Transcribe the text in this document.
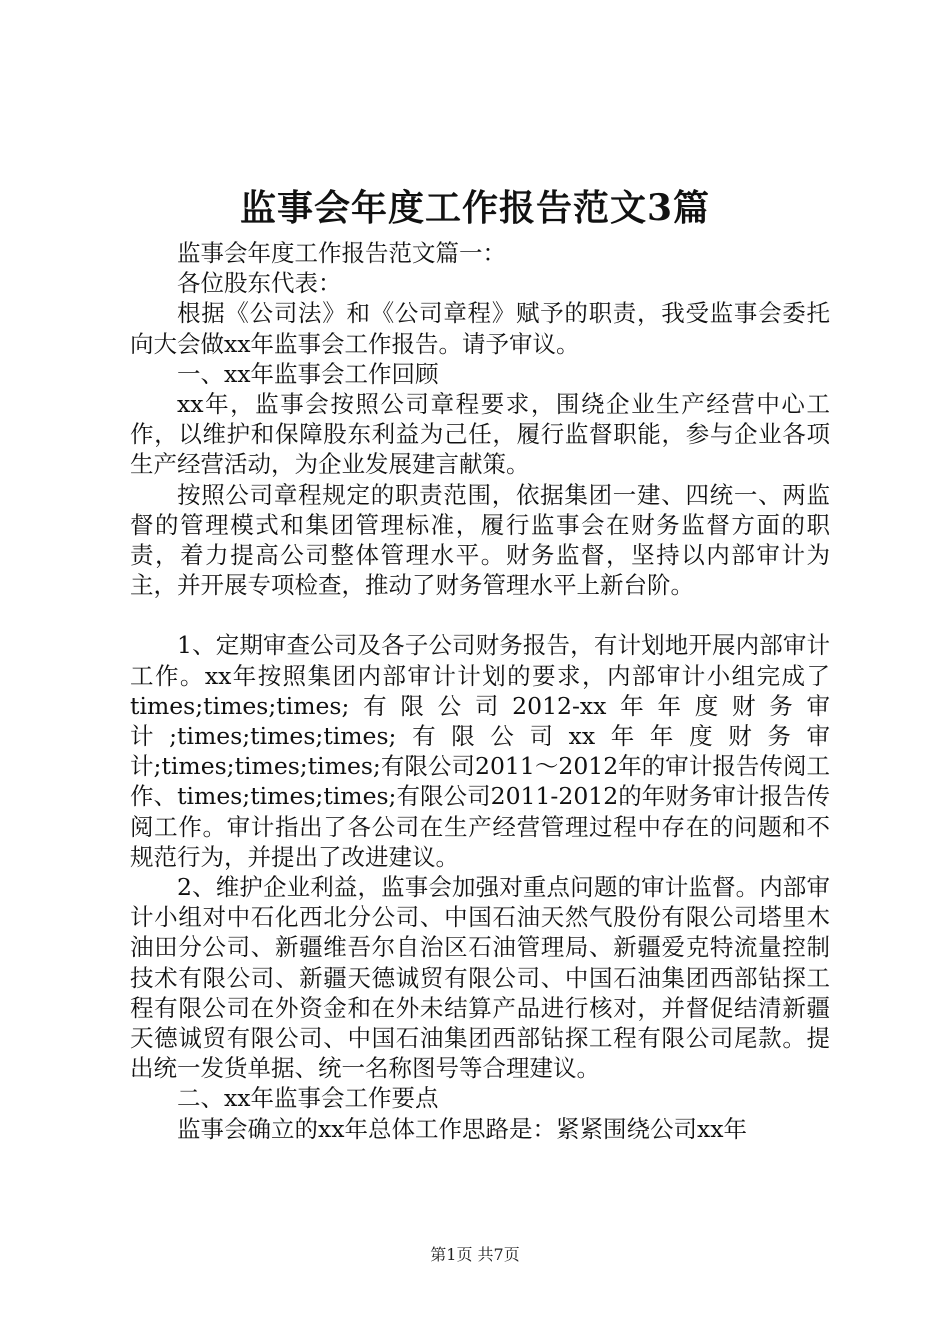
监事会年度工作报告范文3篇

监事会年度工作报告范文篇一：

各位股东代表：

根据《公司法》和《公司章程》赋予的职责，我受监事会委托向大会做xx年监事会工作报告。请予审议。

一、xx年监事会工作回顾

xx年，监事会按照公司章程要求，围绕企业生产经营中心工作，以维护和保障股东利益为己任，履行监督职能，参与企业各项生产经营活动，为企业发展建言献策。

按照公司章程规定的职责范围，依据集团一建、四统一、两监督的管理模式和集团管理标准，履行监事会在财务监督方面的职责，着力提高公司整体管理水平。财务监督，坚持以内部审计为主，并开展专项检查，推动了财务管理水平上新台阶。

1、定期审查公司及各子公司财务报告，有计划地开展内部审计工作。xx年按照集团内部审计计划的要求，内部审计小组完成了times;times;times;有限公司2012-xx年年度财务审计;times;times;times;有限公司xx年年度财务审计;times;times;times;有限公司2011～2012年的审计报告传阅工作、times;times;times;有限公司2011-2012的年财务审计报告传阅工作。审计指出了各公司在生产经营管理过程中存在的问题和不规范行为，并提出了改进建议。

2、维护企业利益，监事会加强对重点问题的审计监督。内部审计小组对中石化西北分公司、中国石油天然气股份有限公司塔里木油田分公司、新疆维吾尔自治区石油管理局、新疆爱克特流量控制技术有限公司、新疆天德诚贸有限公司、中国石油集团西部钻探工程有限公司在外资金和在外未结算产品进行核对，并督促结清新疆天德诚贸有限公司、中国石油集团西部钻探工程有限公司尾款。提出统一发货单据、统一名称图号等合理建议。

二、xx年监事会工作要点

监事会确立的xx年总体工作思路是：紧紧围绕公司xx年

第1页 共7页
